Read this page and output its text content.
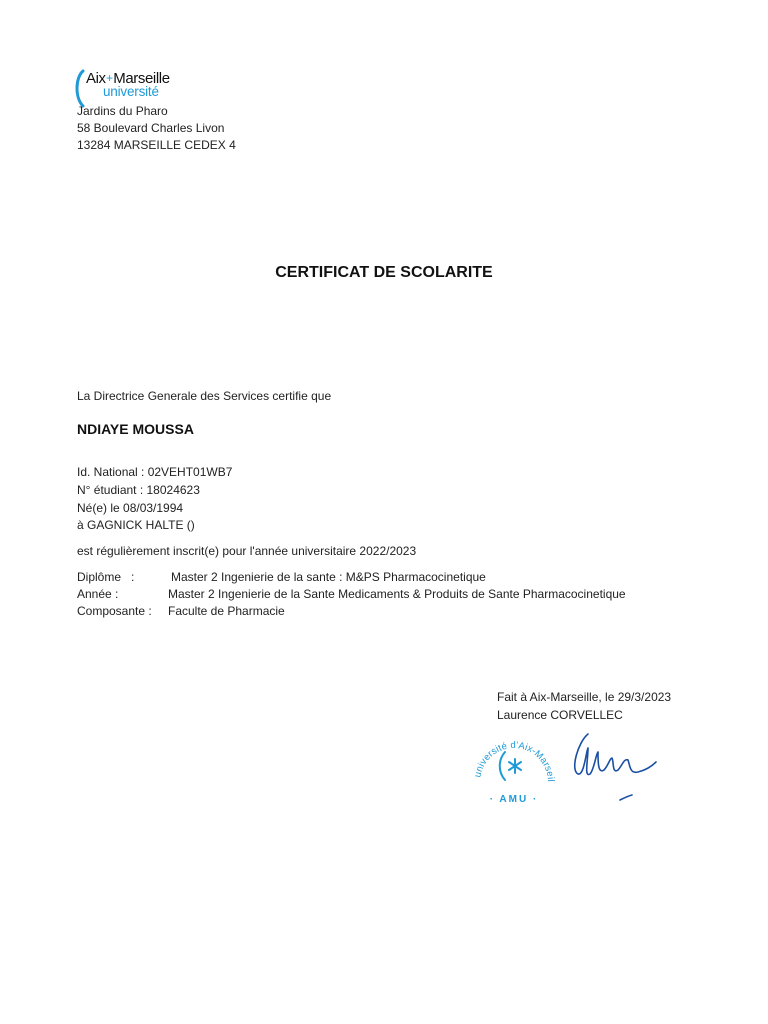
Aix+Marseille
université
Jardins du Pharo
58 Boulevard Charles Livon
13284 MARSEILLE CEDEX 4
CERTIFICAT DE SCOLARITE
La Directrice Generale des Services certifie que
NDIAYE MOUSSA
Id. National : 02VEHT01WB7
N° étudiant : 18024623
Né(e) le 08/03/1994
à GAGNICK HALTE ()
est régulièrement inscrit(e) pour l'année universitaire 2022/2023
Diplôme   :	Master 2 Ingenierie de la sante : M&PS Pharmacocinetique
Année :	Master 2 Ingenierie de la Sante Medicaments & Produits de Sante Pharmacocinetique
Composante : Faculte de Pharmacie
Fait à Aix-Marseille, le 29/3/2023
Laurence CORVELLEC
université d'Aix-Marseil
· AMU ·
